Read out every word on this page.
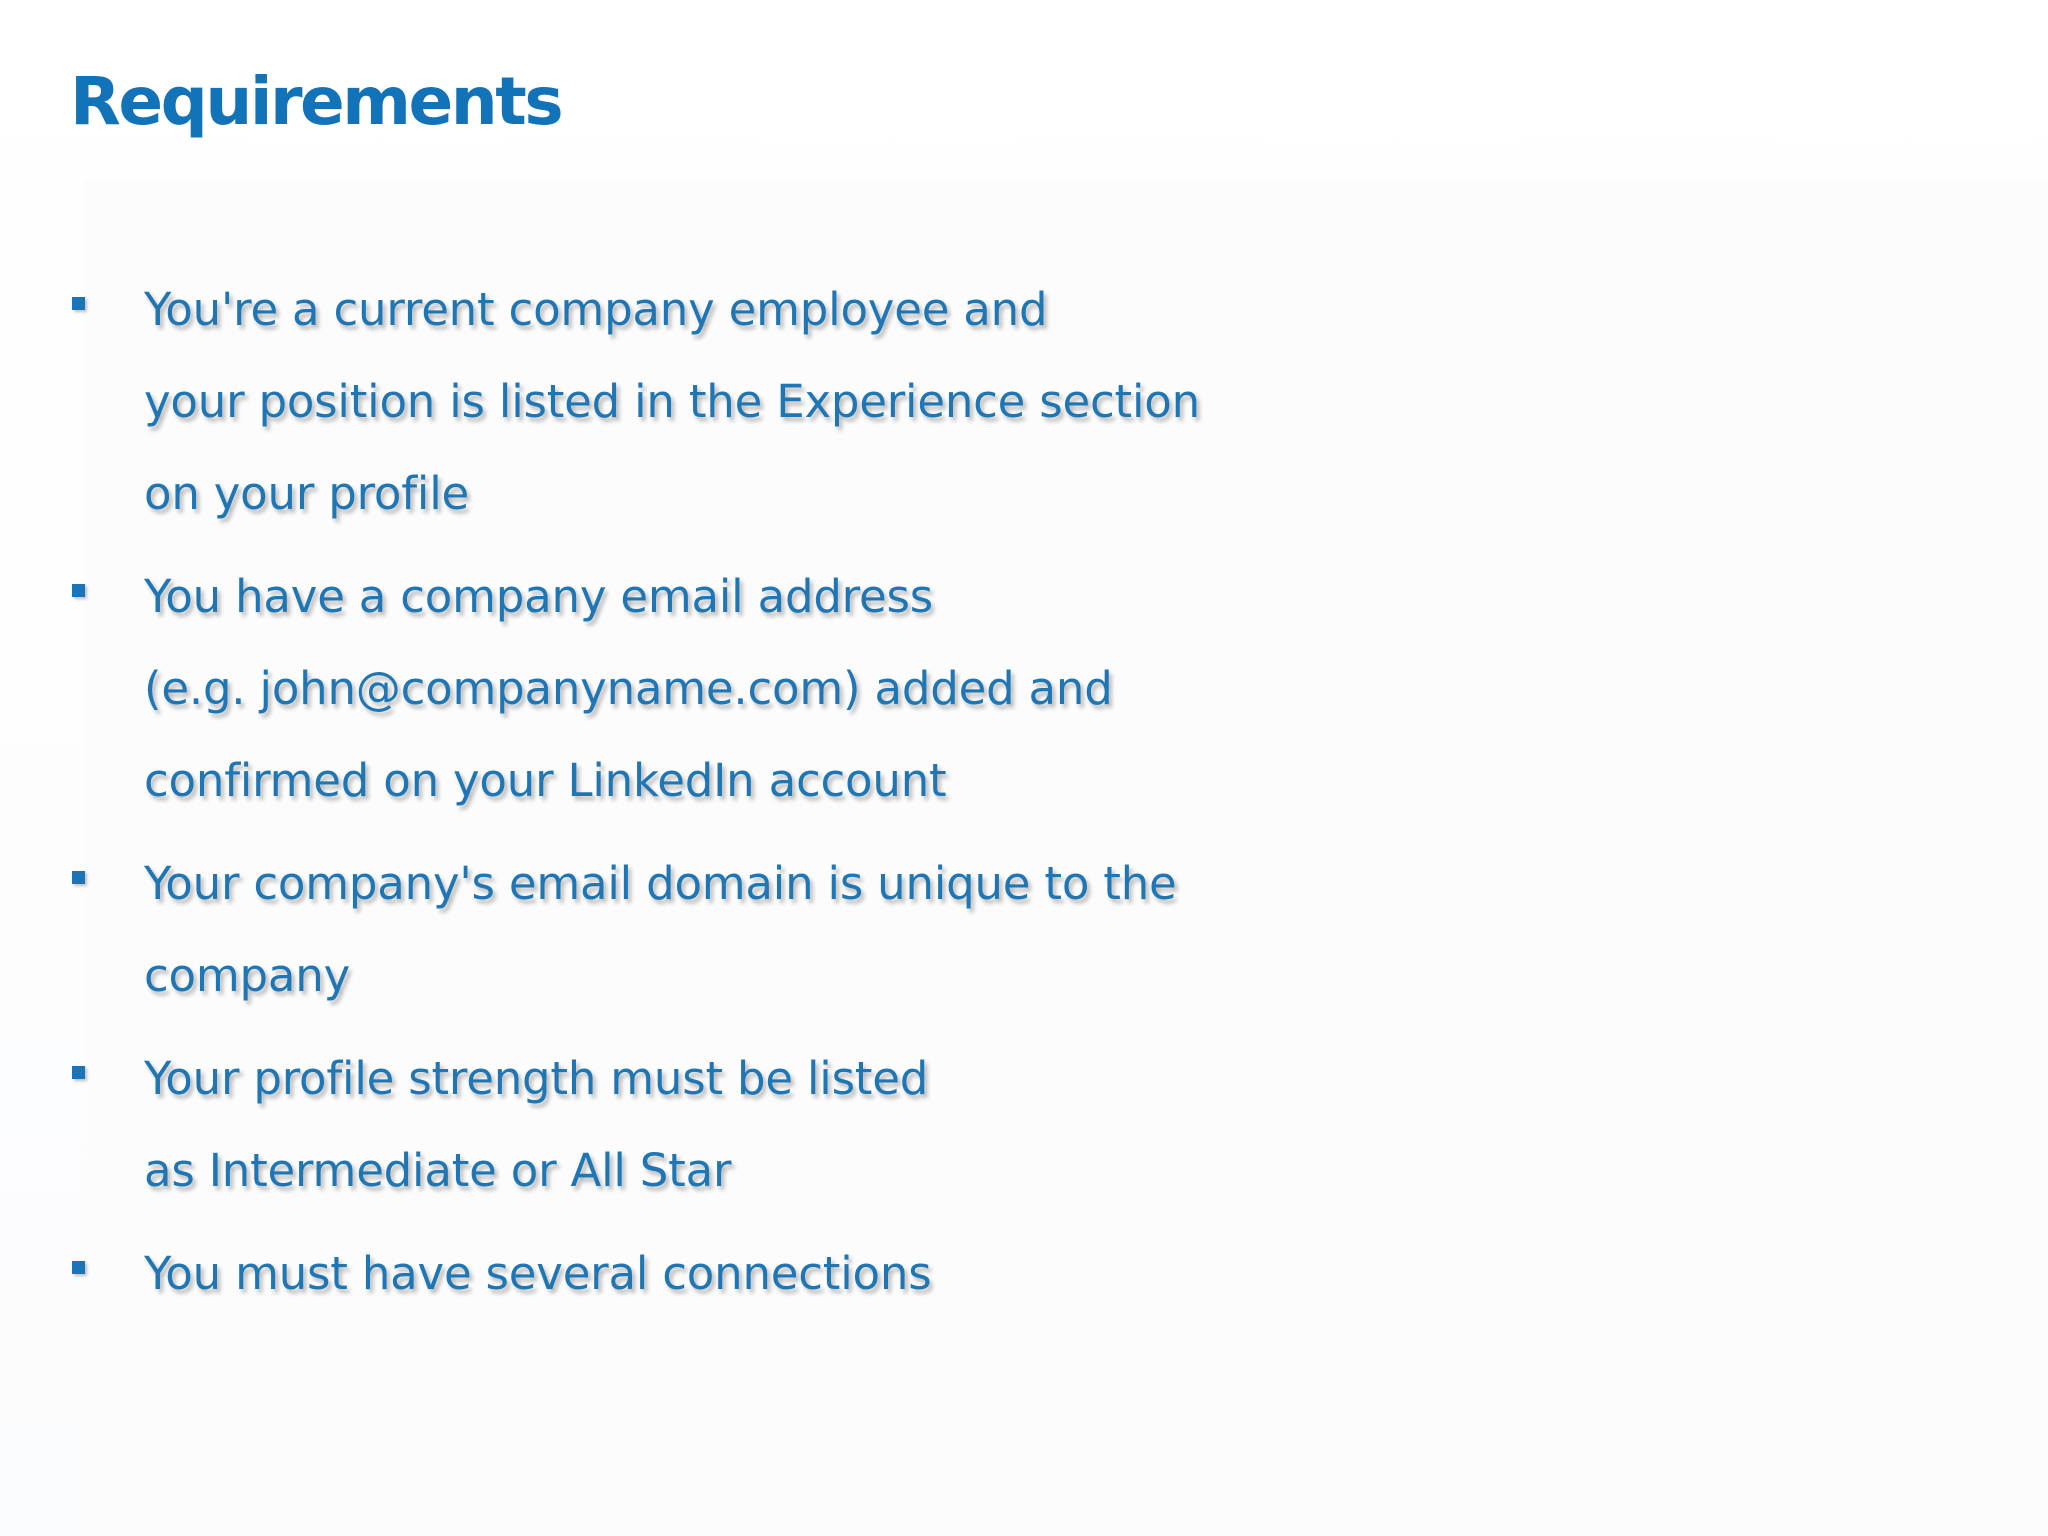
Requirements
You're a current company employee and
your position is listed in the Experience section
on your profile
You have a company email address
(e.g. john@companyname.com) added and
confirmed on your LinkedIn account
Your company's email domain is unique to the
company
Your profile strength must be listed
as Intermediate or All Star
You must have several connections
